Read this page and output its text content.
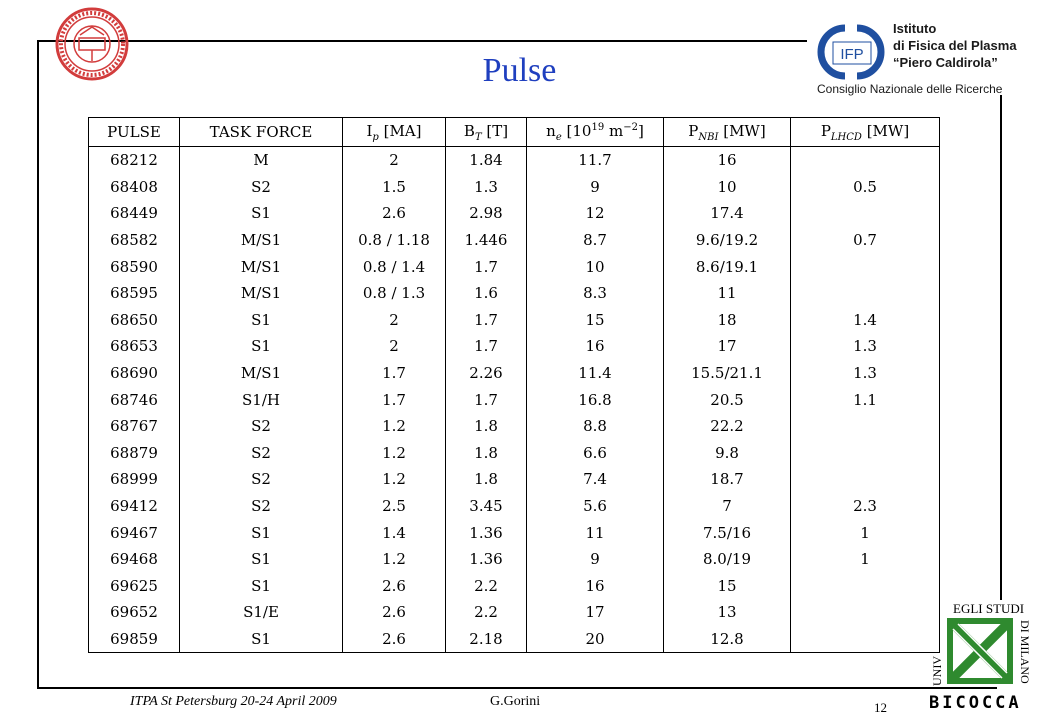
IFP
Istituto
di Fisica del Plasma
“Piero Caldirola”
Consiglio Nazionale delle Ricerche
Pulse
PULSE	TASK FORCE	$I_p$ [MA]	$B_T$ [T]	$n_e$ [$10^{19}$ $m^{-2}$]	$P_{NBI}$ [MW]	$P_{LHCD}$ [MW]
68212	M	2	1.84	11.7	16	
68408	S2	1.5	1.3	9	10	0.5
68449	S1	2.6	2.98	12	17.4	
68582	M/S1	0.8 / 1.18	1.446	8.7	9.6/19.2	0.7
68590	M/S1	0.8 / 1.4	1.7	10	8.6/19.1	
68595	M/S1	0.8 / 1.3	1.6	8.3	11	
68650	S1	2	1.7	15	18	1.4
68653	S1	2	1.7	16	17	1.3
68690	M/S1	1.7	2.26	11.4	15.5/21.1	1.3
68746	S1/H	1.7	1.7	16.8	20.5	1.1
68767	S2	1.2	1.8	8.8	22.2	
68879	S2	1.2	1.8	6.6	9.8	
68999	S2	1.2	1.8	7.4	18.7	
69412	S2	2.5	3.45	5.6	7	2.3
69467	S1	1.4	1.36	11	7.5/16	1
69468	S1	1.2	1.36	9	8.0/19	1
69625	S1	2.6	2.2	16	15	
69652	S1/E	2.6	2.2	17	13	
69859	S1	2.6	2.18	20	12.8	
EGLI STUDI
DI MILANO
UNIV
BICOCCA
ITPA St Petersburg 20-24 April 2009	G.Gorini	12
